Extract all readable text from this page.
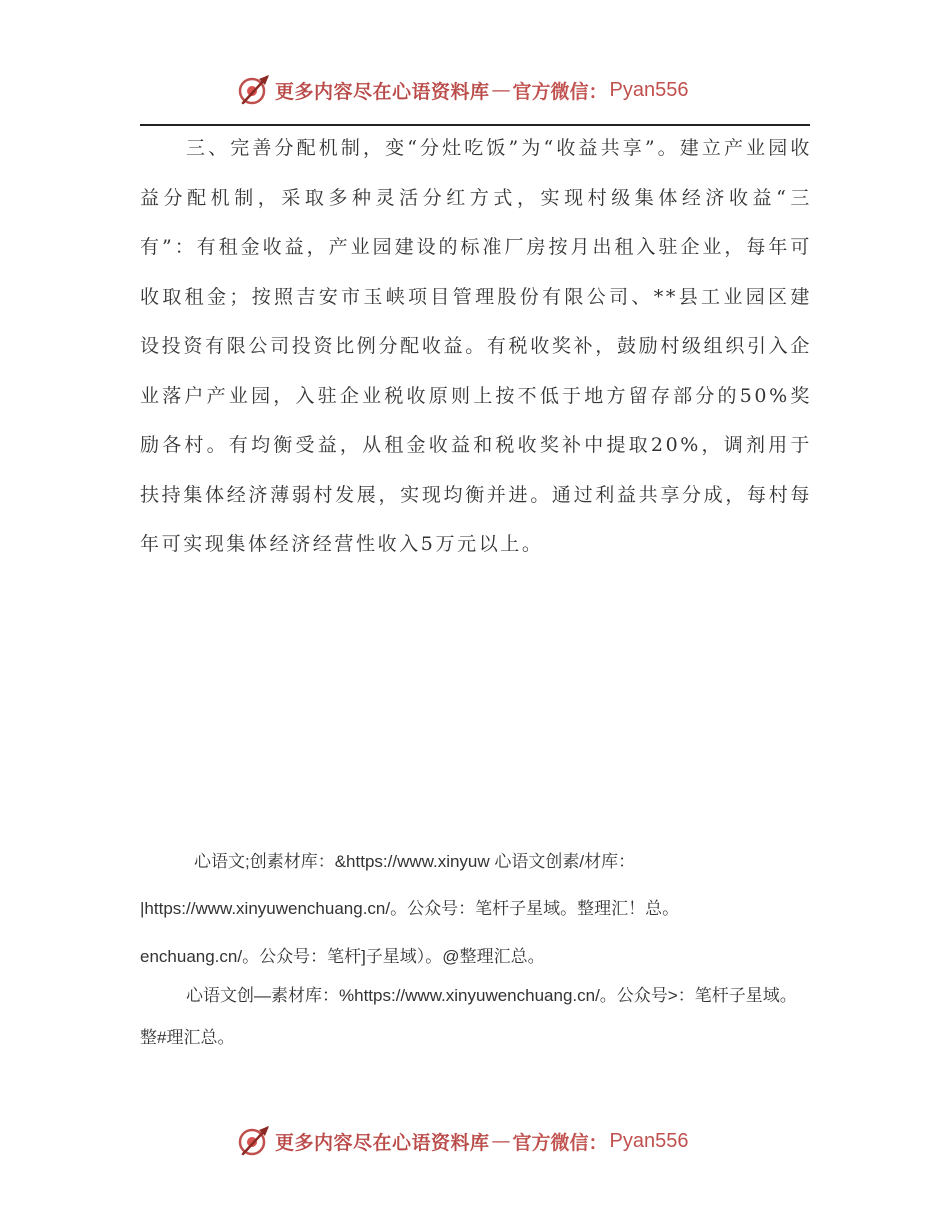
更多内容尽在心语资料库 — 官方微信： Pyan556

三、完善分配机制，变“分灶吃饭”为“收益共享”。建立产业园收益分配机制，采取多种灵活分红方式，实现村级集体经济收益“三有”：有租金收益，产业园建设的标准厂房按月出租入驻企业，每年可收取租金；按照吉安市玉峡项目管理股份有限公司、**县工业园区建设投资有限公司投资比例分配收益。有税收奖补，鼓励村级组织引入企业落户产业园，入驻企业税收原则上按不低于地方留存部分的50%奖励各村。有均衡受益，从租金收益和税收奖补中提取20%，调剂用于扶持集体经济薄弱村发展，实现均衡并进。通过利益共享分成，每村每年可实现集体经济经营性收入5万元以上。

心语文;创素材库：&https://www.xinyuw 心语文创素/材库：

|https://www.xinyuwenchuang.cn/。公众号：笔杆子星域。整理汇！总。

enchuang.cn/。公众号：笔杆]子星域）。@整理汇总。

心语文创—素材库：%https://www.xinyuwenchuang.cn/。公众号>：笔杆子星域。整#理汇总。

更多内容尽在心语资料库 — 官方微信： Pyan556
